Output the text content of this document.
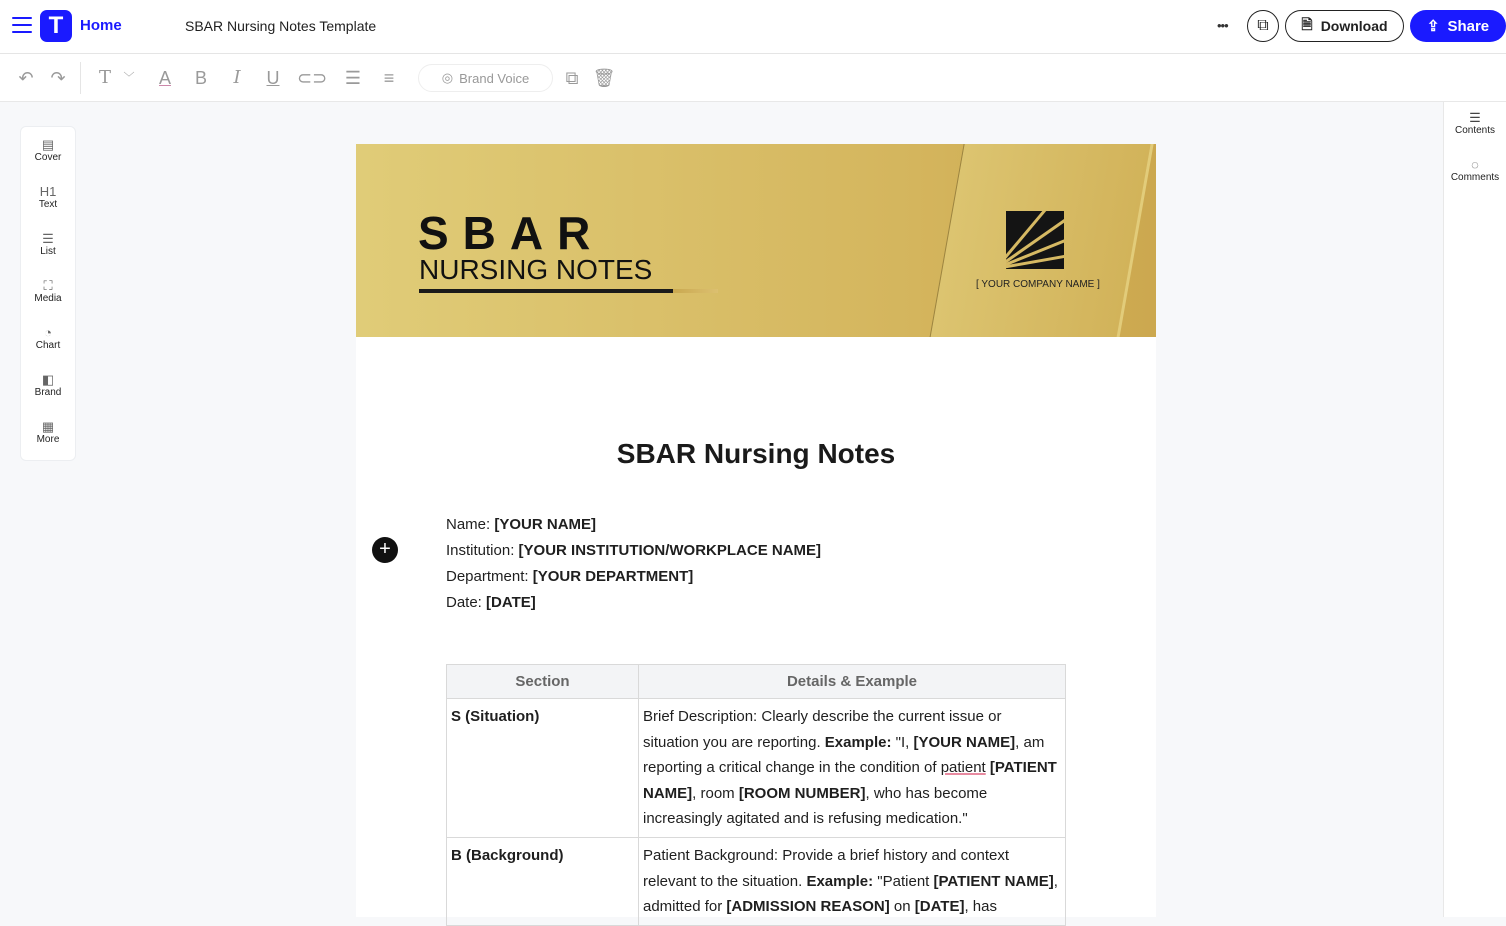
T	Home	SBAR Nursing Notes Template	••• ⧉ 🗎 Download	⇪ Share
↶ ↷	T	﹀	A	B	I	U ⊂⊃ ☰	≡	◎ Brand Voice	⧉ 🗑
▤
Cover
H1
Text
☰
List
⛶
Media
◔
Chart
◧
Brand
▦
More
☰
Contents
◌
Comments
SBAR
NURSING NOTES	[ YOUR COMPANY NAME ]
SBAR Nursing Notes
Name: [YOUR NAME]
Institution: [YOUR INSTITUTION/WORKPLACE NAME]
Department: [YOUR DEPARTMENT]
Date: [DATE]
Section	Details & Example
S (Situation)	Brief Description: Clearly describe the current issue or situation you are reporting. Example: "I, [YOUR NAME], am reporting a critical change in the condition of patient [PATIENT NAME], room [ROOM NUMBER], who has become increasingly agitated and is refusing medication."
B (Background)	Patient Background: Provide a brief history and context relevant to the situation. Example: "Patient [PATIENT NAME], admitted for [ADMISSION REASON] on [DATE], has
+
